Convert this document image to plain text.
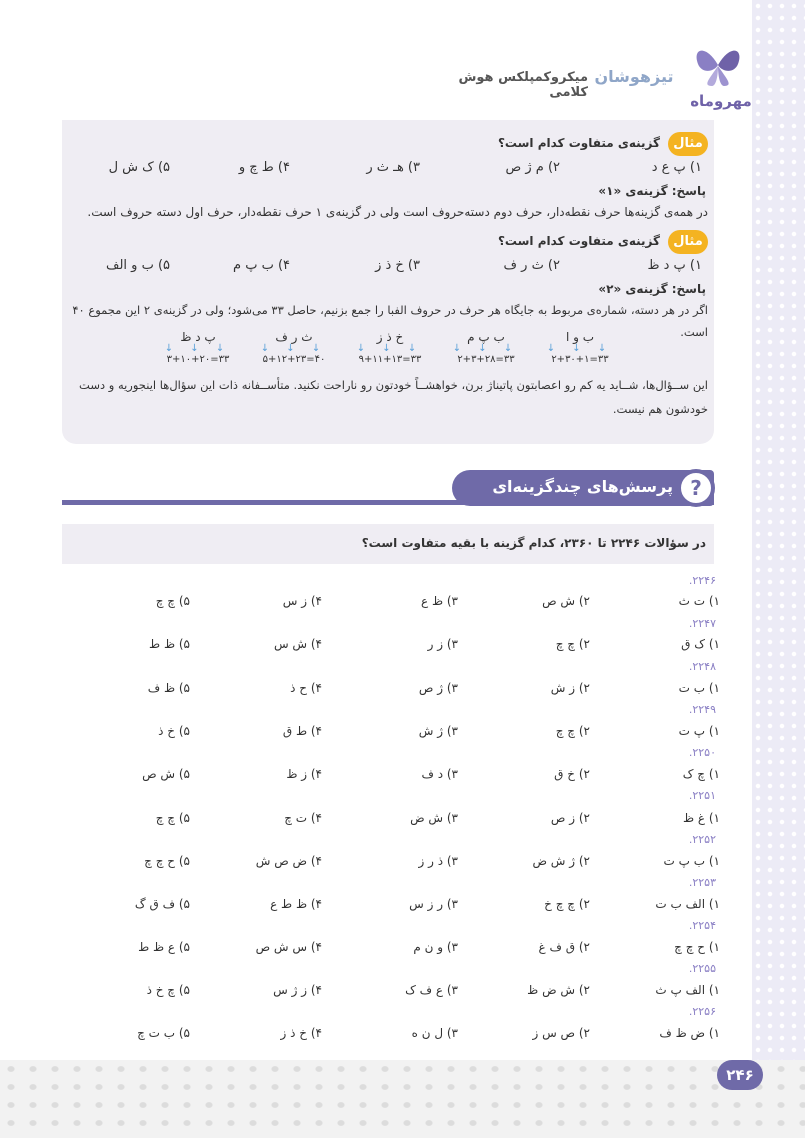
مهروماه
تیزهوشان
میکروکمپلکس هوش کلامی
مثال
گزینه‌ی متفاوت کدام است؟
۱) پ ع د
۲) م ژ ص
۳) هـ ث ر
۴) ط چ و
۵) ک ش ل
پاسخ: گزینه‌ی «۱»
در همه‌ی گزینه‌ها حرف نقطه‌دار، حرف دوم دسته‌حروف است ولی در گزینه‌ی ۱ حرف نقطه‌دار، حرف اول دسته حروف است.
مثال
گزینه‌ی متفاوت کدام است؟
۱) پ د ظ
۲) ث ر ف
۳) خ ذ ز
۴) ب پ م
۵) ب و الف
پاسخ: گزینه‌ی «۲»
اگر در هر دسته، شماره‌ی مربوط به جایگاه هر حرف در حروف الفبا را جمع بزنیم، حاصل ۳۳ می‌شود؛ ولی در گزینه‌ی ۲ این مجموع ۴۰ است.
ب و ا
↓ ↓ ↓
۲+۳۰+۱=۳۳
ب پ م
↓ ↓ ↓
۲+۳+۲۸=۳۳
خ ذ ز
↓ ↓ ↓
۹+۱۱+۱۳=۳۳
ث ر ف
↓ ↓ ↓
۵+۱۲+۲۳=۴۰
پ د ظ
↓ ↓ ↓
۳+۱۰+۲۰=۳۳
این ســؤال‌ها، شــاید یه کم رو اعصابتون پاتیناژ برن، خواهشــاً خودتون رو ناراحت نکنید. متأســفانه ذات این سؤال‌ها اینجوریه و دست
خودشون هم نیست.
?
پرسش‌های چندگزینه‌ای
در سؤالات ۲۲۴۶ تا ۲۳۶۰، کدام گزینه با بقیه متفاوت است؟
.۲۲۴۶
۱) ت ث
۲) ش ص
۳) ظ ع
۴) ز س
۵) چ چ
.۲۲۴۷
۱) ک ق
۲) چ چ
۳) ز ر
۴) ش س
۵) ظ ط
.۲۲۴۸
۱) ب ت
۲) ز ش
۳) ژ ص
۴) ح ذ
۵) ظ ف
.۲۲۴۹
۱) پ ت
۲) چ چ
۳) ژ ش
۴) ط ق
۵) خ ذ
.۲۲۵۰
۱) چ ک
۲) خ ق
۳) د ف
۴) ز ظ
۵) ش ص
.۲۲۵۱
۱) غ ظ
۲) ز ص
۳) ش ض
۴) ت چ
۵) چ چ
.۲۲۵۲
۱) ب پ ت
۲) ژ ش ض
۳) ذ ر ز
۴) ض ص ش
۵) ح چ چ
.۲۲۵۳
۱) الف ب ت
۲) چ چ خ
۳) ر ز س
۴) ظ ط ع
۵) ف ق گ
.۲۲۵۴
۱) ح چ چ
۲) ق ف غ
۳) و ن م
۴) س ش ص
۵) ع ظ ط
.۲۲۵۵
۱) الف پ ث
۲) ش ض ظ
۳) ع ف ک
۴) ز ژ س
۵) چ خ ذ
.۲۲۵۶
۱) ض ظ ف
۲) ص س ز
۳) ل ن ه
۴) خ ذ ز
۵) ب ت چ
۲۴۶
